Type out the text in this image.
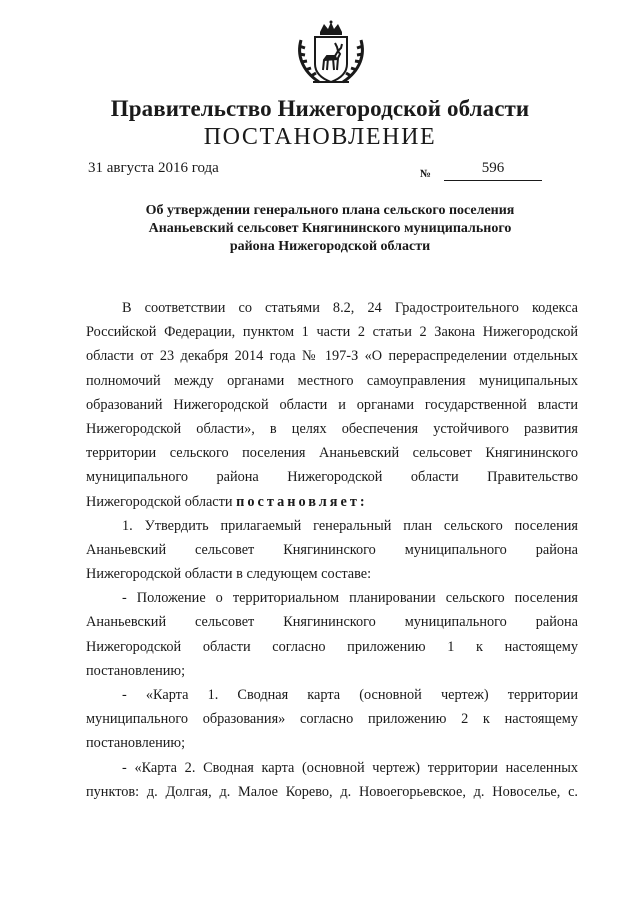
Правительство Нижегородской области
ПОСТАНОВЛЕНИЕ
31 августа 2016 года	№	596
Об утверждении генерального плана сельского поселения
Ананьевский сельсовет Княгининского муниципального
района Нижегородской области
В соответствии со статьями 8.2, 24 Градостроительного кодекса
Российской Федерации, пунктом 1 части 2 статьи 2 Закона Нижегородской
области от 23 декабря 2014 года № 197-З «О перераспределении отдельных
полномочий между органами местного самоуправления муниципальных
образований Нижегородской области и органами государственной власти
Нижегородской области», в целях обеспечения устойчивого развития
территории сельского поселения Ананьевский сельсовет Княгининского
муниципального района Нижегородской области Правительство
Нижегородской области постановляет:
1. Утвердить прилагаемый генеральный план сельского поселения
Ананьевский сельсовет Княгининского муниципального района
Нижегородской области в следующем составе:
- Положение о территориальном планировании сельского поселения
Ананьевский сельсовет Княгининского муниципального района
Нижегородской области согласно приложению 1 к настоящему
постановлению;
- «Карта 1. Сводная карта (основной чертеж) территории
муниципального образования» согласно приложению 2 к настоящему
постановлению;
- «Карта 2. Сводная карта (основной чертеж) территории населенных
пунктов: д. Долгая, д. Малое Корево, д. Новоегорьевское, д. Новоселье, с.
